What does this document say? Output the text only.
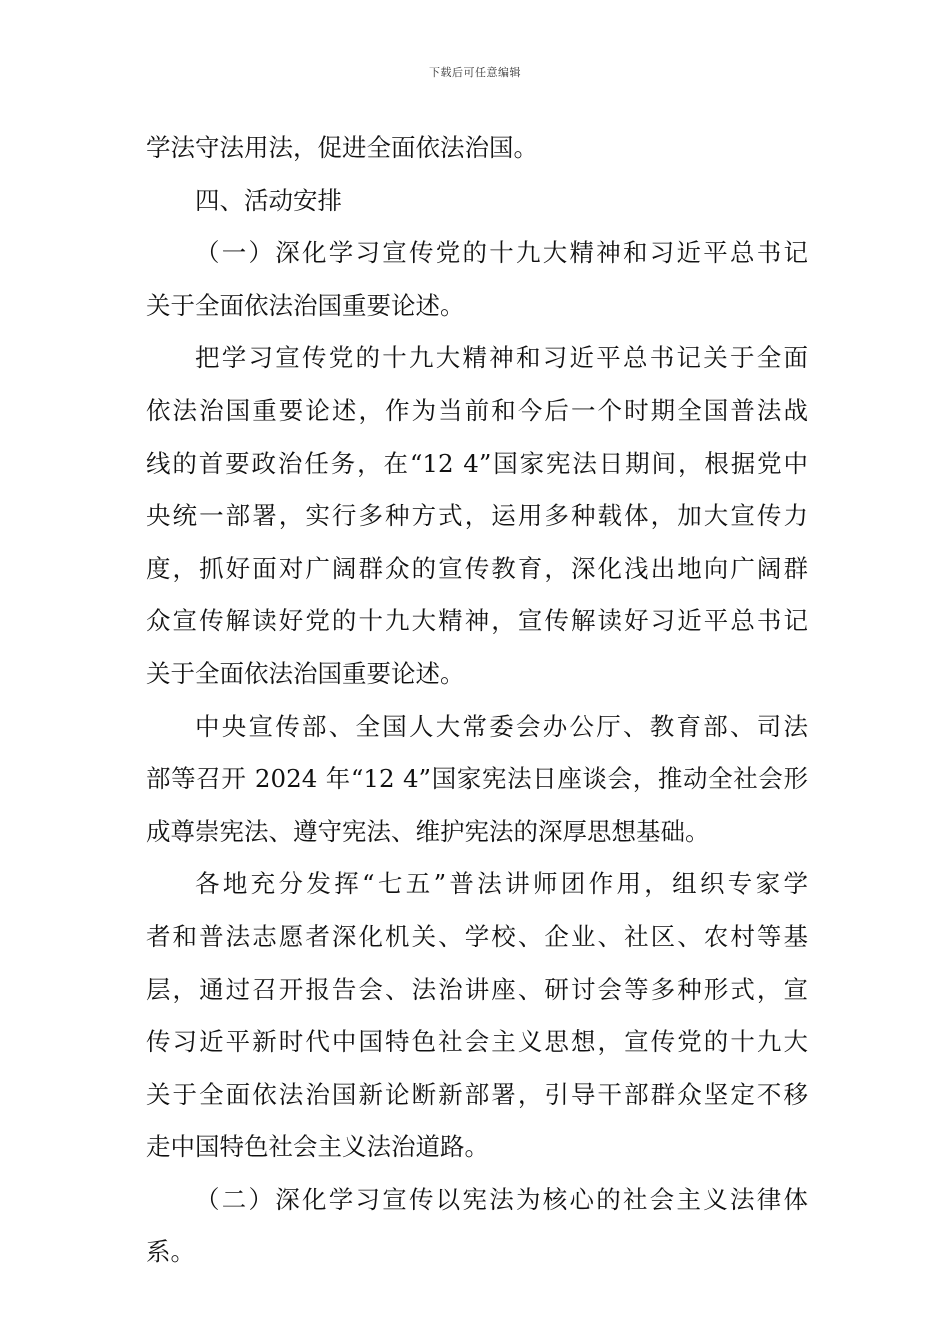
下载后可任意编辑
学法守法用法，促进全面依法治国。
四、活动安排
（一）深化学习宣传党的十九大精神和习近平总书记
关于全面依法治国重要论述。
把学习宣传党的十九大精神和习近平总书记关于全面
依法治国重要论述，作为当前和今后一个时期全国普法战
线的首要政治任务，在“12 4”国家宪法日期间，根据党中
央统一部署，实行多种方式，运用多种载体，加大宣传力
度，抓好面对广阔群众的宣传教育，深化浅出地向广阔群
众宣传解读好党的十九大精神，宣传解读好习近平总书记
关于全面依法治国重要论述。
中央宣传部、全国人大常委会办公厅、教育部、司法
部等召开 2024 年“12 4”国家宪法日座谈会，推动全社会形
成尊崇宪法、遵守宪法、维护宪法的深厚思想基础。
各地充分发挥“七五”普法讲师团作用，组织专家学
者和普法志愿者深化机关、学校、企业、社区、农村等基
层，通过召开报告会、法治讲座、研讨会等多种形式，宣
传习近平新时代中国特色社会主义思想，宣传党的十九大
关于全面依法治国新论断新部署，引导干部群众坚定不移
走中国特色社会主义法治道路。
（二）深化学习宣传以宪法为核心的社会主义法律体
系。
